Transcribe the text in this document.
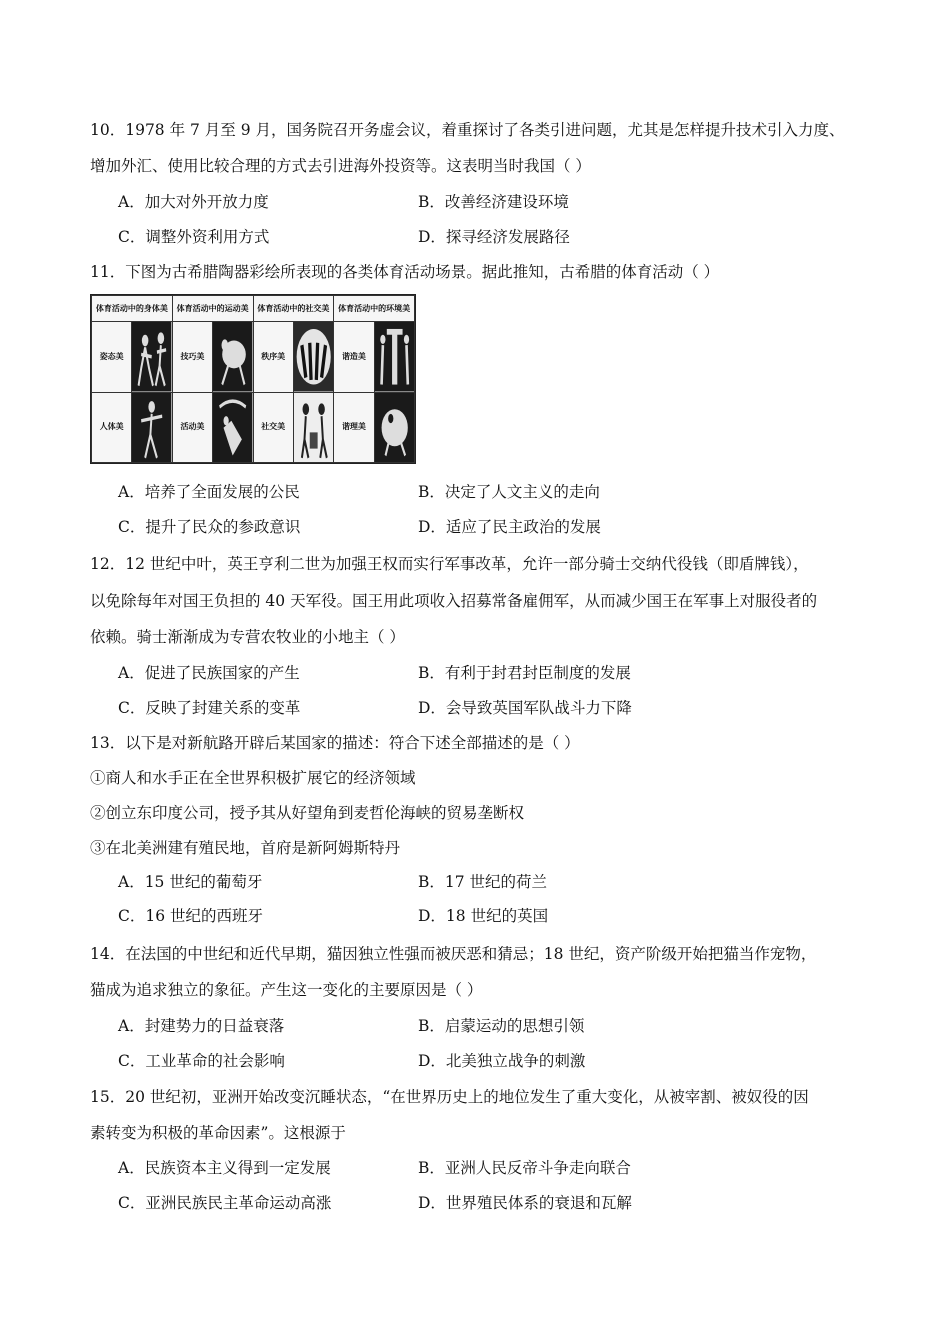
10．1978 年 7 月至 9 月，国务院召开务虚会议，着重探讨了各类引进问题，尤其是怎样提升技术引入力度、
增加外汇、使用比较合理的方式去引进海外投资等。这表明当时我国（ ）
A．加大对外开放力度	B．改善经济建设环境
C．调整外资利用方式	D．探寻经济发展路径
11．下图为古希腊陶器彩绘所表现的各类体育活动场景。据此推知，古希腊的体育活动（ ）
体育活动中的身体美		体育活动中的运动美		体育活动中的社交美		体育活动中的环境美	
姿态美		技巧美		秩序美		谐造美	

人体美		活动美		社交美		谐理美	
A．培养了全面发展的公民	B．决定了人文主义的走向
C．提升了民众的参政意识	D．适应了民主政治的发展
12．12 世纪中叶，英王亨利二世为加强王权而实行军事改革，允许一部分骑士交纳代役钱（即盾牌钱），
以免除每年对国王负担的 40 天军役。国王用此项收入招募常备雇佣军，从而减少国王在军事上对服役者的
依赖。骑士渐渐成为专营农牧业的小地主（ ）
A．促进了民族国家的产生	B．有利于封君封臣制度的发展
C．反映了封建关系的变革	D．会导致英国军队战斗力下降
13．以下是对新航路开辟后某国家的描述：符合下述全部描述的是（ ）
①商人和水手正在全世界积极扩展它的经济领域
②创立东印度公司，授予其从好望角到麦哲伦海峡的贸易垄断权
③在北美洲建有殖民地，首府是新阿姆斯特丹
A．15 世纪的葡萄牙	B．17 世纪的荷兰
C．16 世纪的西班牙	D．18 世纪的英国
14．在法国的中世纪和近代早期，猫因独立性强而被厌恶和猜忌；18 世纪，资产阶级开始把猫当作宠物，
猫成为追求独立的象征。产生这一变化的主要原因是（ ）
A．封建势力的日益衰落	B．启蒙运动的思想引领
C．工业革命的社会影响	D．北美独立战争的刺激
15．20 世纪初，亚洲开始改变沉睡状态，“在世界历史上的地位发生了重大变化，从被宰割、被奴役的因
素转变为积极的革命因素”。这根源于
A．民族资本主义得到一定发展	B．亚洲人民反帝斗争走向联合
C．亚洲民族民主革命运动高涨	D．世界殖民体系的衰退和瓦解
